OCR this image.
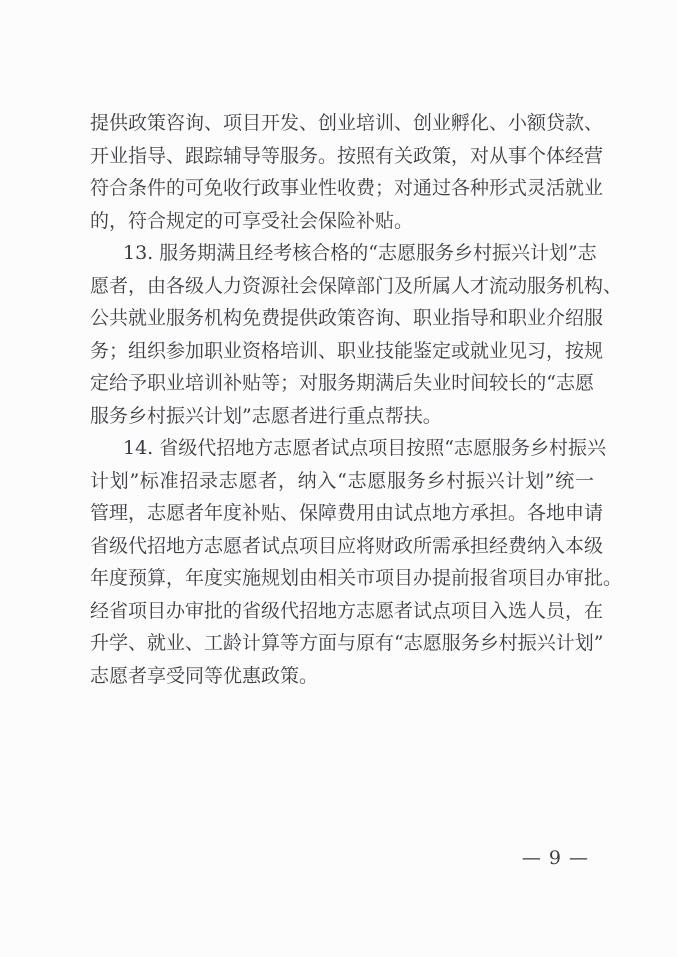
提供政策咨询、项目开发、创业培训、创业孵化、小额贷款、
开业指导、跟踪辅导等服务。按照有关政策，对从事个体经营
符合条件的可免收行政事业性收费；对通过各种形式灵活就业
的，符合规定的可享受社会保险补贴。
13. 服务期满且经考核合格的“志愿服务乡村振兴计划”志
愿者，由各级人力资源社会保障部门及所属人才流动服务机构、
公共就业服务机构免费提供政策咨询、职业指导和职业介绍服
务；组织参加职业资格培训、职业技能鉴定或就业见习，按规
定给予职业培训补贴等；对服务期满后失业时间较长的“志愿
服务乡村振兴计划”志愿者进行重点帮扶。
14. 省级代招地方志愿者试点项目按照“志愿服务乡村振兴
计划”标准招录志愿者，纳入“志愿服务乡村振兴计划”统一
管理，志愿者年度补贴、保障费用由试点地方承担。各地申请
省级代招地方志愿者试点项目应将财政所需承担经费纳入本级
年度预算，年度实施规划由相关市项目办提前报省项目办审批。
经省项目办审批的省级代招地方志愿者试点项目入选人员，在
升学、就业、工龄计算等方面与原有“志愿服务乡村振兴计划”
志愿者享受同等优惠政策。
— 9 —
